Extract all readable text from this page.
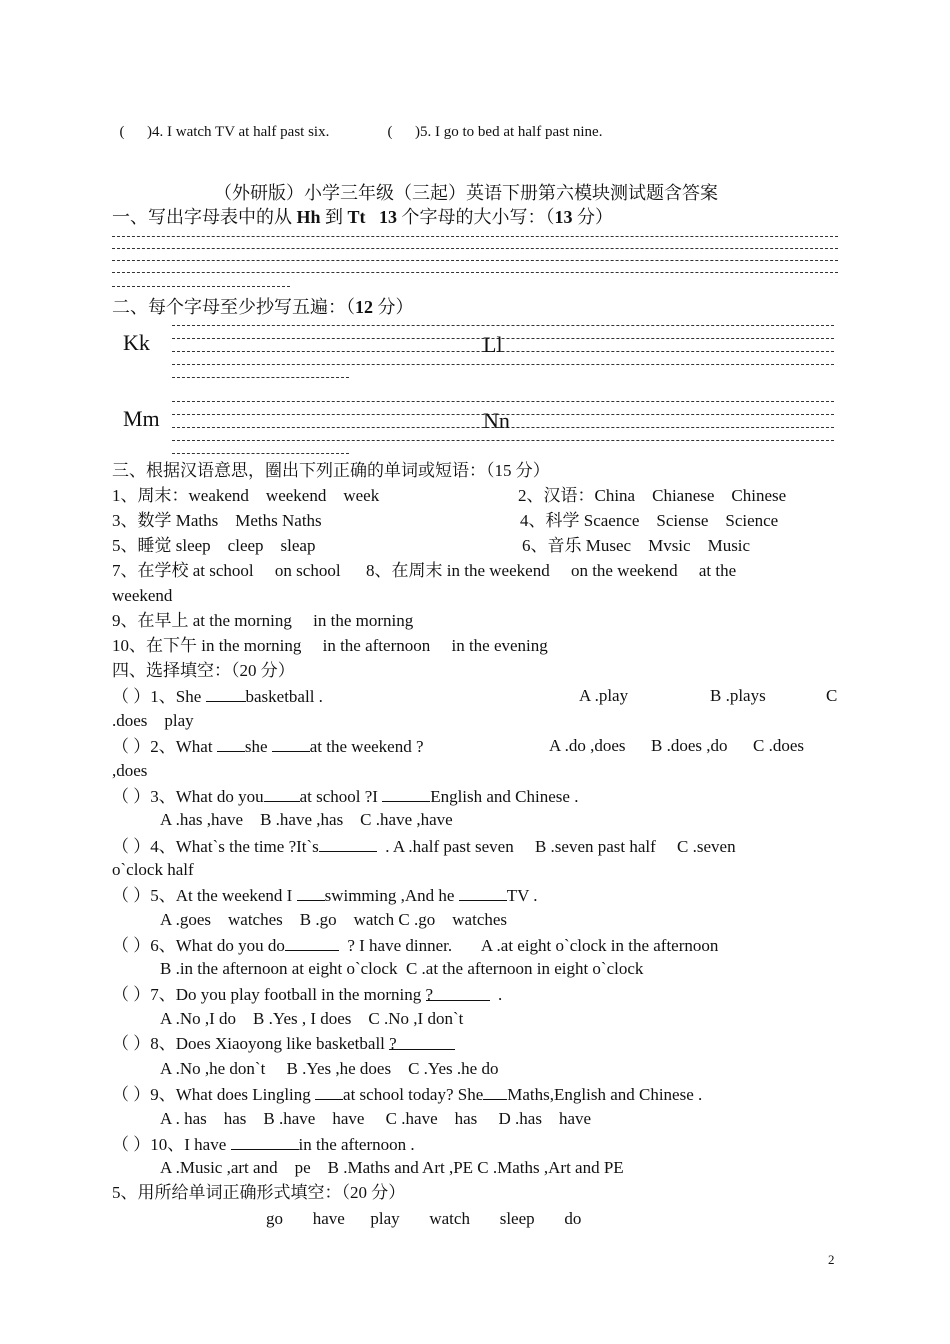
(      )4. I watch TV at half past six.	(      )5. I go to bed at half past nine.

（外研版）小学三年级（三起）英语下册第六模块测试题含答案
一、写出字母表中的从 Hh 到 Tt   13 个字母的大小写：（13 分）
二、每个字母至少抄写五遍：（12 分）
Kk	Ll
Mm	Nn
三、根据汉语意思，圈出下列正确的单词或短语：（15 分）
1、周末：weakend    weekend    week	2、汉语：China    Chianese    Chinese
3、数学 Maths    Meths Naths	4、科学 Scaence    Sciense    Science
5、睡觉 sleep    cleep    sleap	6、音乐 Musec    Mvsic    Music
7、在学校 at school     on school      8、在周末 in the weekend     on the weekend     at the
weekend
9、在早上 at the morning     in the morning
10、在下午 in the morning     in the afternoon     in the evening
四、选择填空：（20 分）
（ ）1、She basketball .	A .play	B .plays	C
.does    play
（ ）2、What she at the weekend ?	A .do ,does      B .does ,do      C .does
,does
（ ）3、What do you at school ?I	English and Chinese .
A .has ,have    B .have ,has    C .have ,have
（ ）4、What`s the time ?It`s	. A .half past seven     B .seven past half     C .seven
o`clock half
（ ）5、At the weekend I swimming ,And he	TV .
A .goes    watches    B .go    watch C .go    watches
（ ）6、What do you do	? I have dinner.       A .at eight o`clock in the afternoon
B .in the afternoon at eight o`clock  C .at the afternoon in eight o`clock
（ ）7、Do you play football in the morning ?	.
A .No ,I do    B .Yes , I does    C .No ,I don`t
（ ）8、Does Xiaoyong like basketball ?
A .No ,he don`t     B .Yes ,he does    C .Yes .he do
（ ）9、What does Lingling at school today? She Maths,English and Chinese .
A . has    has    B .have    have     C .have    has     D .has    have
（ ）10、I have	in the afternoon .
A .Music ,art and    pe    B .Maths and Art ,PE C .Maths ,Art and PE
5、用所给单词正确形式填空：（20 分）
go       have      play       watch       sleep       do
2
